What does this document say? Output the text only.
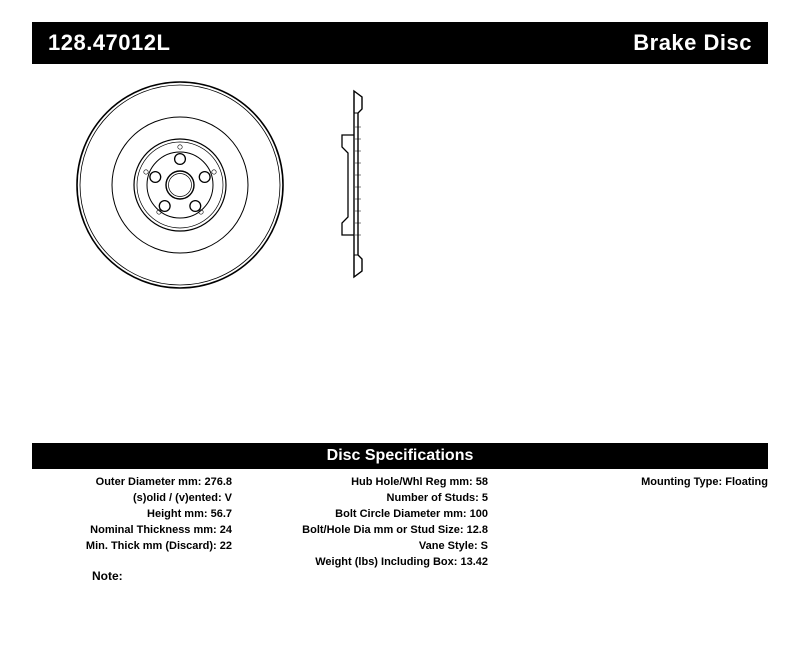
128.47012L	Brake Disc
Disc Specifications
Outer Diameter mm: 276.8
(s)olid / (v)ented: V
Height mm: 56.7
Nominal Thickness mm: 24
Min. Thick mm (Discard): 22
Hub Hole/Whl Reg mm: 58
Number of Studs: 5
Bolt Circle Diameter mm: 100
Bolt/Hole Dia mm or Stud Size: 12.8
Vane Style: S
Weight (lbs) Including Box: 13.42
Mounting Type: Floating
Note:
